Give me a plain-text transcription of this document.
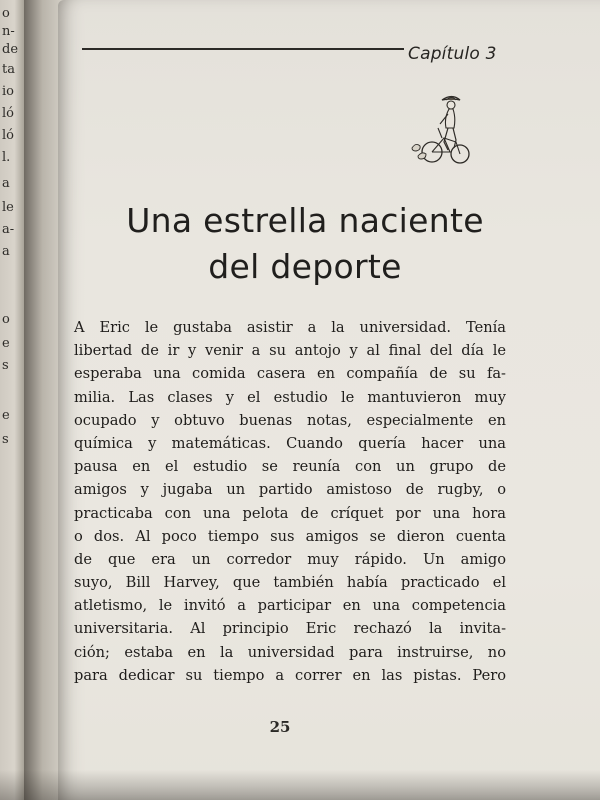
o
n-
de
ta
io
ló
ló
l.
a
le
a-
a
o
e
s
e
s
Capítulo 3
Una estrella naciente
del deporte
A Eric le gustaba asistir a la universidad. Tenía
libertad de ir y venir a su antojo y al final del día le
esperaba una comida casera en compañía de su fa-
milia. Las clases y el estudio le mantuvieron muy
ocupado y obtuvo buenas notas, especialmente en
química y matemáticas. Cuando quería hacer una
pausa en el estudio se reunía con un grupo de
amigos y jugaba un partido amistoso de rugby, o
practicaba con una pelota de críquet por una hora
o dos. Al poco tiempo sus amigos se dieron cuenta
de que era un corredor muy rápido. Un amigo
suyo, Bill Harvey, que también había practicado el
atletismo, le invitó a participar en una competencia
universitaria. Al principio Eric rechazó la invita-
ción; estaba en la universidad para instruirse, no
para dedicar su tiempo a correr en las pistas. Pero
25
